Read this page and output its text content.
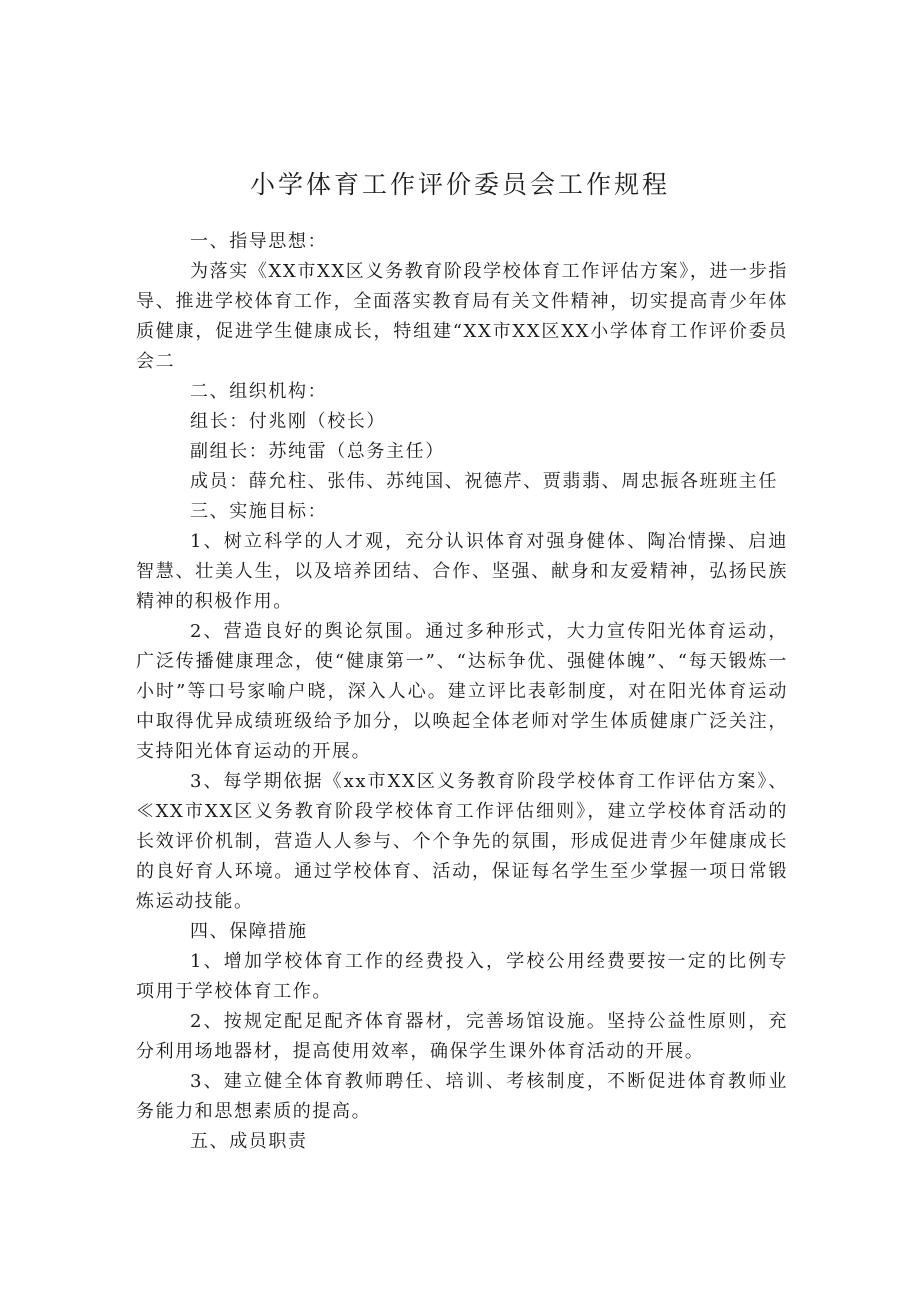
小学体育工作评价委员会工作规程

一、指导思想：

为落实《XX市XX区义务教育阶段学校体育工作评估方案》，进一步指导、推进学校体育工作，全面落实教育局有关文件精神，切实提高青少年体质健康，促进学生健康成长，特组建“XX市XX区XX小学体育工作评价委员会二

二、组织机构：

组长：付兆刚（校长）

副组长：苏纯雷（总务主任）

成员：薛允柱、张伟、苏纯国、祝德芹、贾翡翡、周忠振各班班主任

三、实施目标：

1、树立科学的人才观，充分认识体育对强身健体、陶冶情操、启迪智慧、壮美人生，以及培养团结、合作、坚强、献身和友爱精神，弘扬民族精神的积极作用。

2、营造良好的舆论氛围。通过多种形式，大力宣传阳光体育运动，广泛传播健康理念，使“健康第一”、“达标争优、强健体魄”、“每天锻炼一小时”等口号家喻户晓，深入人心。建立评比表彰制度，对在阳光体育运动中取得优异成绩班级给予加分，以唤起全体老师对学生体质健康广泛关注，支持阳光体育运动的开展。

3、每学期依据《xx市XX区义务教育阶段学校体育工作评估方案》、≪XX市XX区义务教育阶段学校体育工作评估细则》，建立学校体育活动的长效评价机制，营造人人参与、个个争先的氛围，形成促进青少年健康成长的良好育人环境。通过学校体育、活动，保证每名学生至少掌握一项日常锻炼运动技能。

四、保障措施

1、增加学校体育工作的经费投入，学校公用经费要按一定的比例专项用于学校体育工作。

2、按规定配足配齐体育器材，完善场馆设施。坚持公益性原则，充分利用场地器材，提高使用效率，确保学生课外体育活动的开展。

3、建立健全体育教师聘任、培训、考核制度，不断促进体育教师业务能力和思想素质的提高。

五、成员职责
